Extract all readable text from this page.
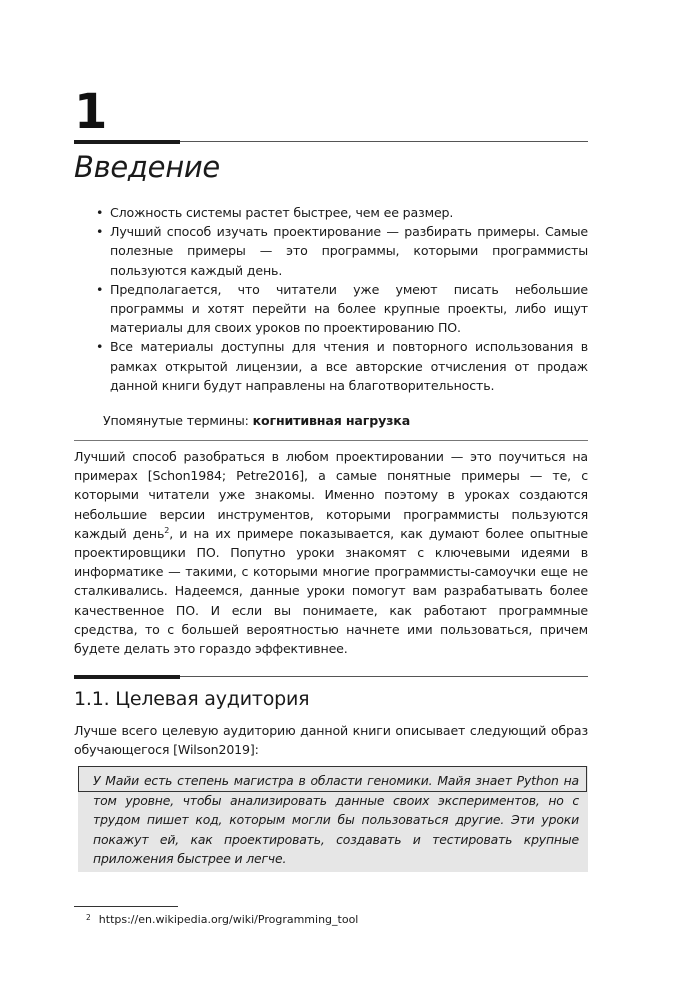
1
Введение
• Сложность системы растет быстрее, чем ее размер.
• Лучший способ изучать проектирование — разбирать примеры. Самые полезные примеры — это программы, которыми программисты пользуются каждый день.
• Предполагается, что читатели уже умеют писать небольшие программы и хотят перейти на более крупные проекты, либо ищут материалы для своих уроков по проектированию ПО.
• Все материалы доступны для чтения и повторного использования в рамках открытой лицензии, а все авторские отчисления от продаж данной книги будут направлены на благотворительность.
Упомянутые термины: когнитивная нагрузка

Лучший способ разобраться в любом проектировании — это поучиться на примерах [Schon1984; Petre2016], а самые понятные примеры — те, с которыми читатели уже знакомы. Именно поэтому в уроках создаются небольшие версии инструментов, которыми программисты пользуются каждый день$^2$, и на их примере показывается, как думают более опытные проектировщики ПО. Попутно уроки знакомят с ключевыми идеями в информатике — такими, с которыми многие программисты-самоучки еще не сталкивались. Надеемся, данные уроки помогут вам разрабатывать более качественное ПО. И если вы понимаете, как работают программные средства, то с большей вероятностью начнете ими пользоваться, причем будете делать это гораздо эффективнее.

1.1. Целевая аудитория

Лучше всего целевую аудиторию данной книги описывает следующий образ обучающегося [Wilson2019]:

У Майи есть степень магистра в области геномики. Майя знает Python на том уровне, чтобы анализировать данные своих экспериментов, но с трудом пишет код, которым могли бы пользоваться другие. Эти уроки покажут ей, как проектировать, создавать и тестировать крупные приложения быстрее и легче.

$^2$ https://en.wikipedia.org/wiki/Programming_tool
